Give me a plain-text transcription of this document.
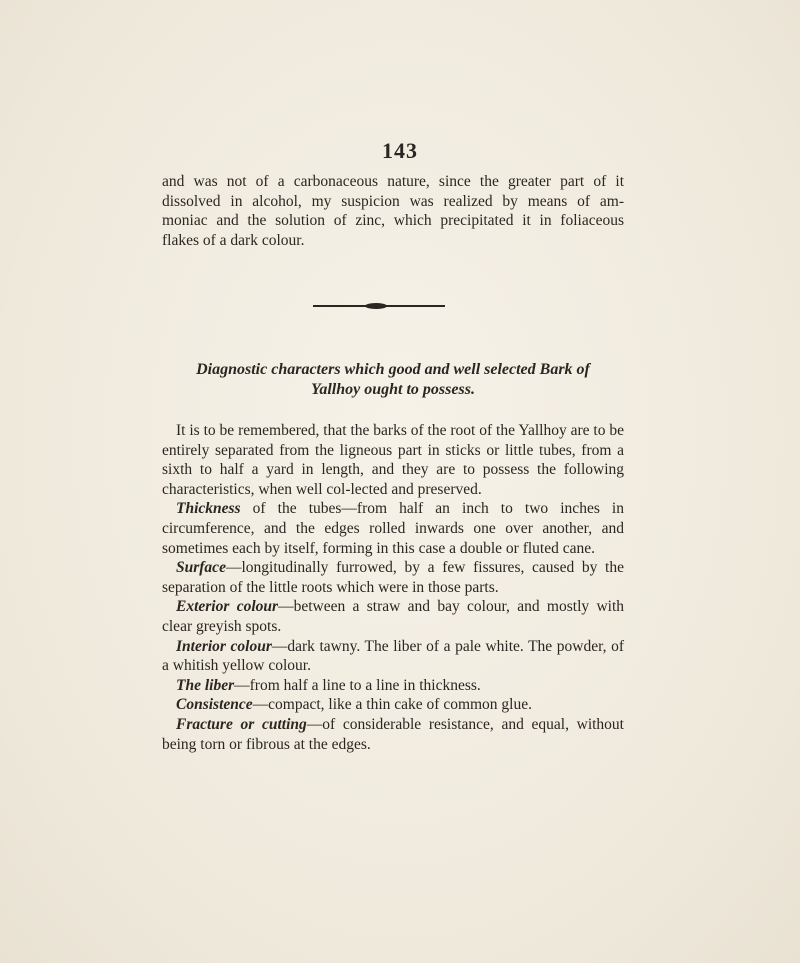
143
and was not of a carbonaceous nature, since the greater part of it
dissolved in alcohol, my suspicion was realized by means of am-
moniac and the solution of zinc, which precipitated it in foliaceous
flakes of a dark colour.
Diagnostic characters which good and well selected Bark of
Yallhoy ought to possess.

It is to be remembered, that the barks of the root of the Yallhoy are to be entirely separated from the ligneous part in sticks or little tubes, from a sixth to half a yard in length, and they are to possess the following characteristics, when well col-lected and preserved.

Thickness of the tubes—from half an inch to two inches in circumference, and the edges rolled inwards one over another, and sometimes each by itself, forming in this case a double or fluted cane.

Surface—longitudinally furrowed, by a few fissures, caused by the separation of the little roots which were in those parts.

Exterior colour—between a straw and bay colour, and mostly with clear greyish spots.

Interior colour—dark tawny. The liber of a pale white. The powder, of a whitish yellow colour.

The liber—from half a line to a line in thickness.

Consistence—compact, like a thin cake of common glue.

Fracture or cutting—of considerable resistance, and equal, without being torn or fibrous at the edges.
